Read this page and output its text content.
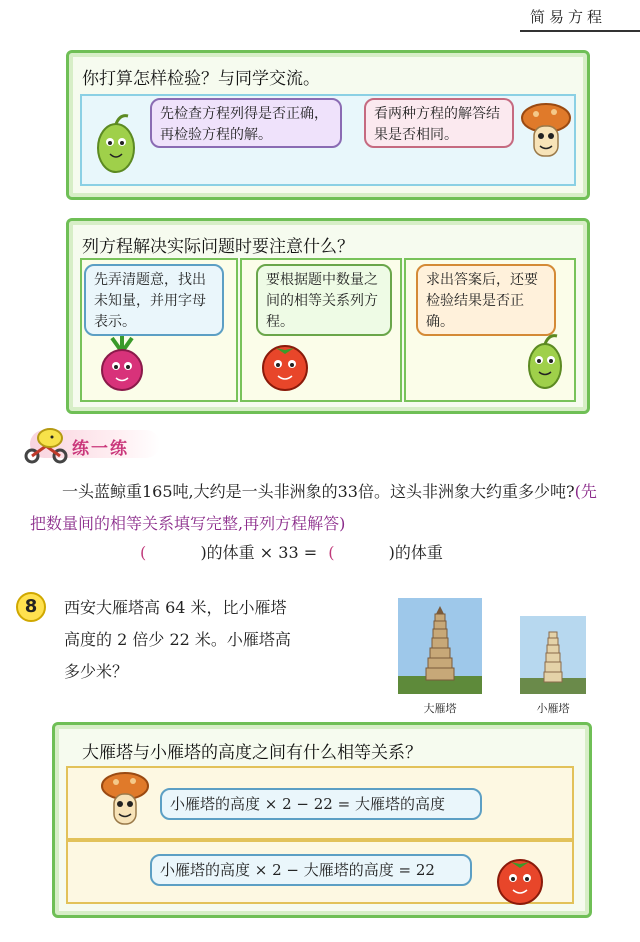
简易方程
你打算怎样检验？与同学交流。
先检查方程列得是否正确，再检验方程的解。
看两种方程的解答结果是否相同。
列方程解决实际问题时要注意什么？
先弄清题意，找出未知量，并用字母表示。
要根据题中数量之间的相等关系列方程。
求出答案后，还要检验结果是否正确。
练一练
一头蓝鲸重165吨,大约是一头非洲象的33倍。这头非洲象大约重多少吨?(先把数量间的相等关系填写完整,再列方程解答)
(	)的体重 × 33 = (	)的体重
8	西安大雁塔高 64 米，比小雁塔
高度的 2 倍少 22 米。小雁塔高
多少米？
大雁塔	小雁塔
大雁塔与小雁塔的高度之间有什么相等关系？
小雁塔的高度 × 2 − 22 = 大雁塔的高度
小雁塔的高度 × 2 − 大雁塔的高度 = 22
